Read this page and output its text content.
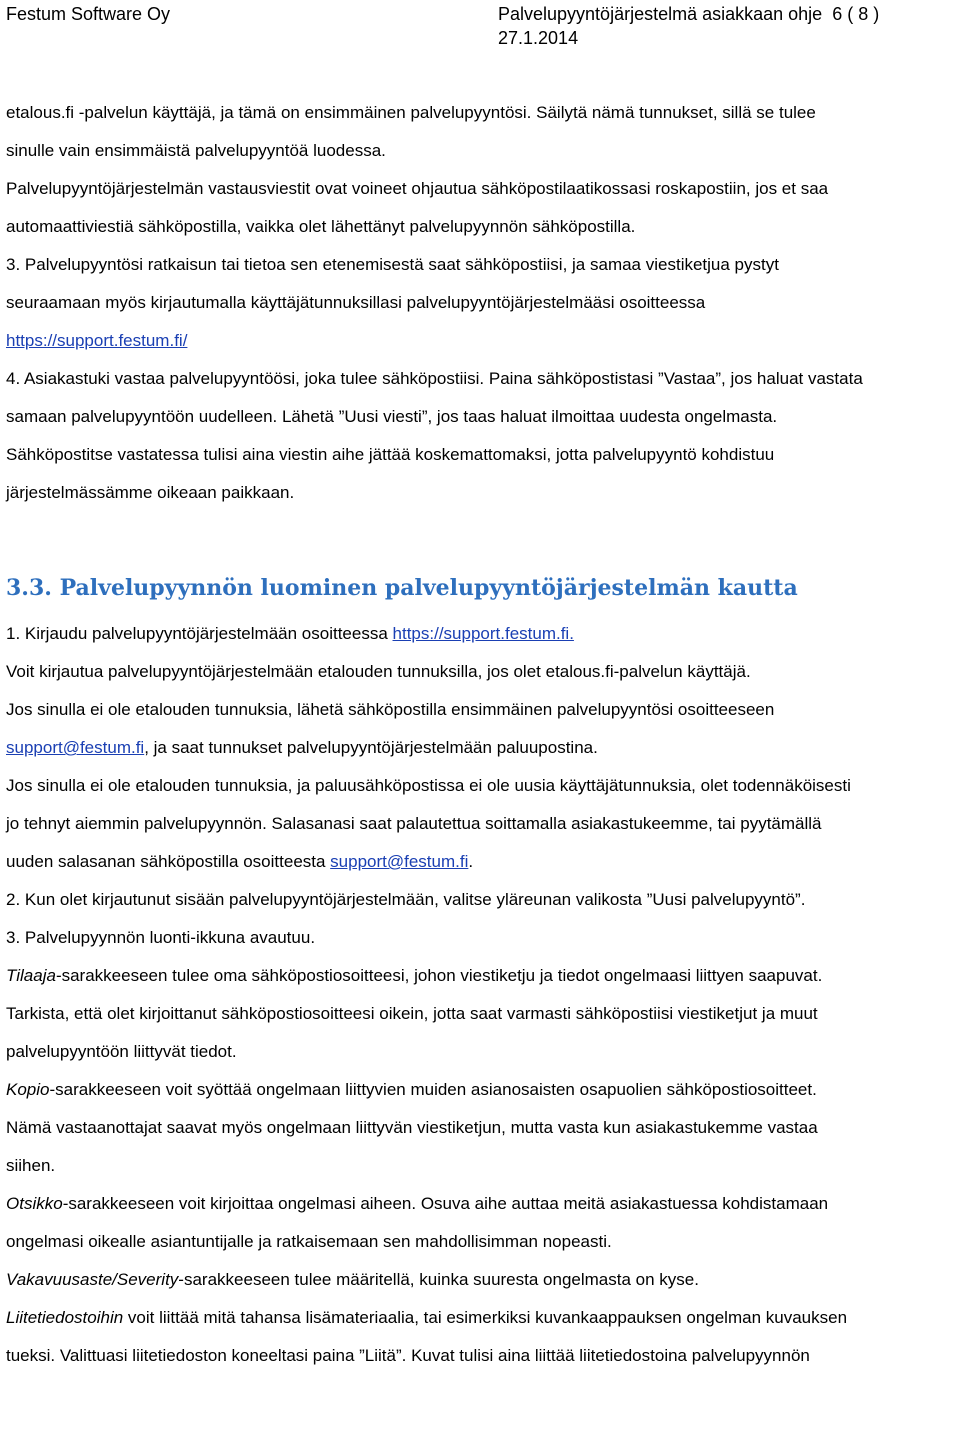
Festum Software Oy	Palvelupyyntöjärjestelmä asiakkaan ohje 6 ( 8 )
27.1.2014
etalous.fi -palvelun käyttäjä, ja tämä on ensimmäinen palvelupyyntösi. Säilytä nämä tunnukset, sillä se tulee
sinulle vain ensimmäistä palvelupyyntöä luodessa.
Palvelupyyntöjärjestelmän vastausviestit ovat voineet ohjautua sähköpostilaatikossasi roskapostiin, jos et saa
automaattiviestiä sähköpostilla, vaikka olet lähettänyt palvelupyynnön sähköpostilla.
3. Palvelupyyntösi ratkaisun tai tietoa sen etenemisestä saat sähköpostiisi, ja samaa viestiketjua pystyt
seuraamaan myös kirjautumalla käyttäjätunnuksillasi palvelupyyntöjärjestelmääsi osoitteessa
https://support.festum.fi/
4. Asiakastuki vastaa palvelupyyntöösi, joka tulee sähköpostiisi. Paina sähköpostistasi ”Vastaa”, jos haluat vastata
samaan palvelupyyntöön uudelleen. Lähetä ”Uusi viesti”, jos taas haluat ilmoittaa uudesta ongelmasta.
Sähköpostitse vastatessa tulisi aina viestin aihe jättää koskemattomaksi, jotta palvelupyyntö kohdistuu
järjestelmässämme oikeaan paikkaan.
3.3. Palvelupyynnön luominen palvelupyyntöjärjestelmän kautta
1. Kirjaudu palvelupyyntöjärjestelmään osoitteessa https://support.festum.fi.
Voit kirjautua palvelupyyntöjärjestelmään etalouden tunnuksilla, jos olet etalous.fi-palvelun käyttäjä.
Jos sinulla ei ole etalouden tunnuksia, lähetä sähköpostilla ensimmäinen palvelupyyntösi osoitteeseen
support@festum.fi, ja saat tunnukset palvelupyyntöjärjestelmään paluupostina.
Jos sinulla ei ole etalouden tunnuksia, ja paluusähköpostissa ei ole uusia käyttäjätunnuksia, olet todennäköisesti
jo tehnyt aiemmin palvelupyynnön. Salasanasi saat palautettua soittamalla asiakastukeemme, tai pyytämällä
uuden salasanan sähköpostilla osoitteesta support@festum.fi.
2. Kun olet kirjautunut sisään palvelupyyntöjärjestelmään, valitse yläreunan valikosta ”Uusi palvelupyyntö”.
3. Palvelupyynnön luonti-ikkuna avautuu.
Tilaaja-sarakkeeseen tulee oma sähköpostiosoitteesi, johon viestiketju ja tiedot ongelmaasi liittyen saapuvat.
Tarkista, että olet kirjoittanut sähköpostiosoitteesi oikein, jotta saat varmasti sähköpostiisi viestiketjut ja muut
palvelupyyntöön liittyvät tiedot.
Kopio-sarakkeeseen voit syöttää ongelmaan liittyvien muiden asianosaisten osapuolien sähköpostiosoitteet.
Nämä vastaanottajat saavat myös ongelmaan liittyvän viestiketjun, mutta vasta kun asiakastukemme vastaa
siihen.
Otsikko-sarakkeeseen voit kirjoittaa ongelmasi aiheen. Osuva aihe auttaa meitä asiakastuessa kohdistamaan
ongelmasi oikealle asiantuntijalle ja ratkaisemaan sen mahdollisimman nopeasti.
Vakavuusaste/Severity-sarakkeeseen tulee määritellä, kuinka suuresta ongelmasta on kyse.
Liitetiedostoihin voit liittää mitä tahansa lisämateriaalia, tai esimerkiksi kuvankaappauksen ongelman kuvauksen
tueksi. Valittuasi liitetiedoston koneeltasi paina ”Liitä”. Kuvat tulisi aina liittää liitetiedostoina palvelupyynnön
